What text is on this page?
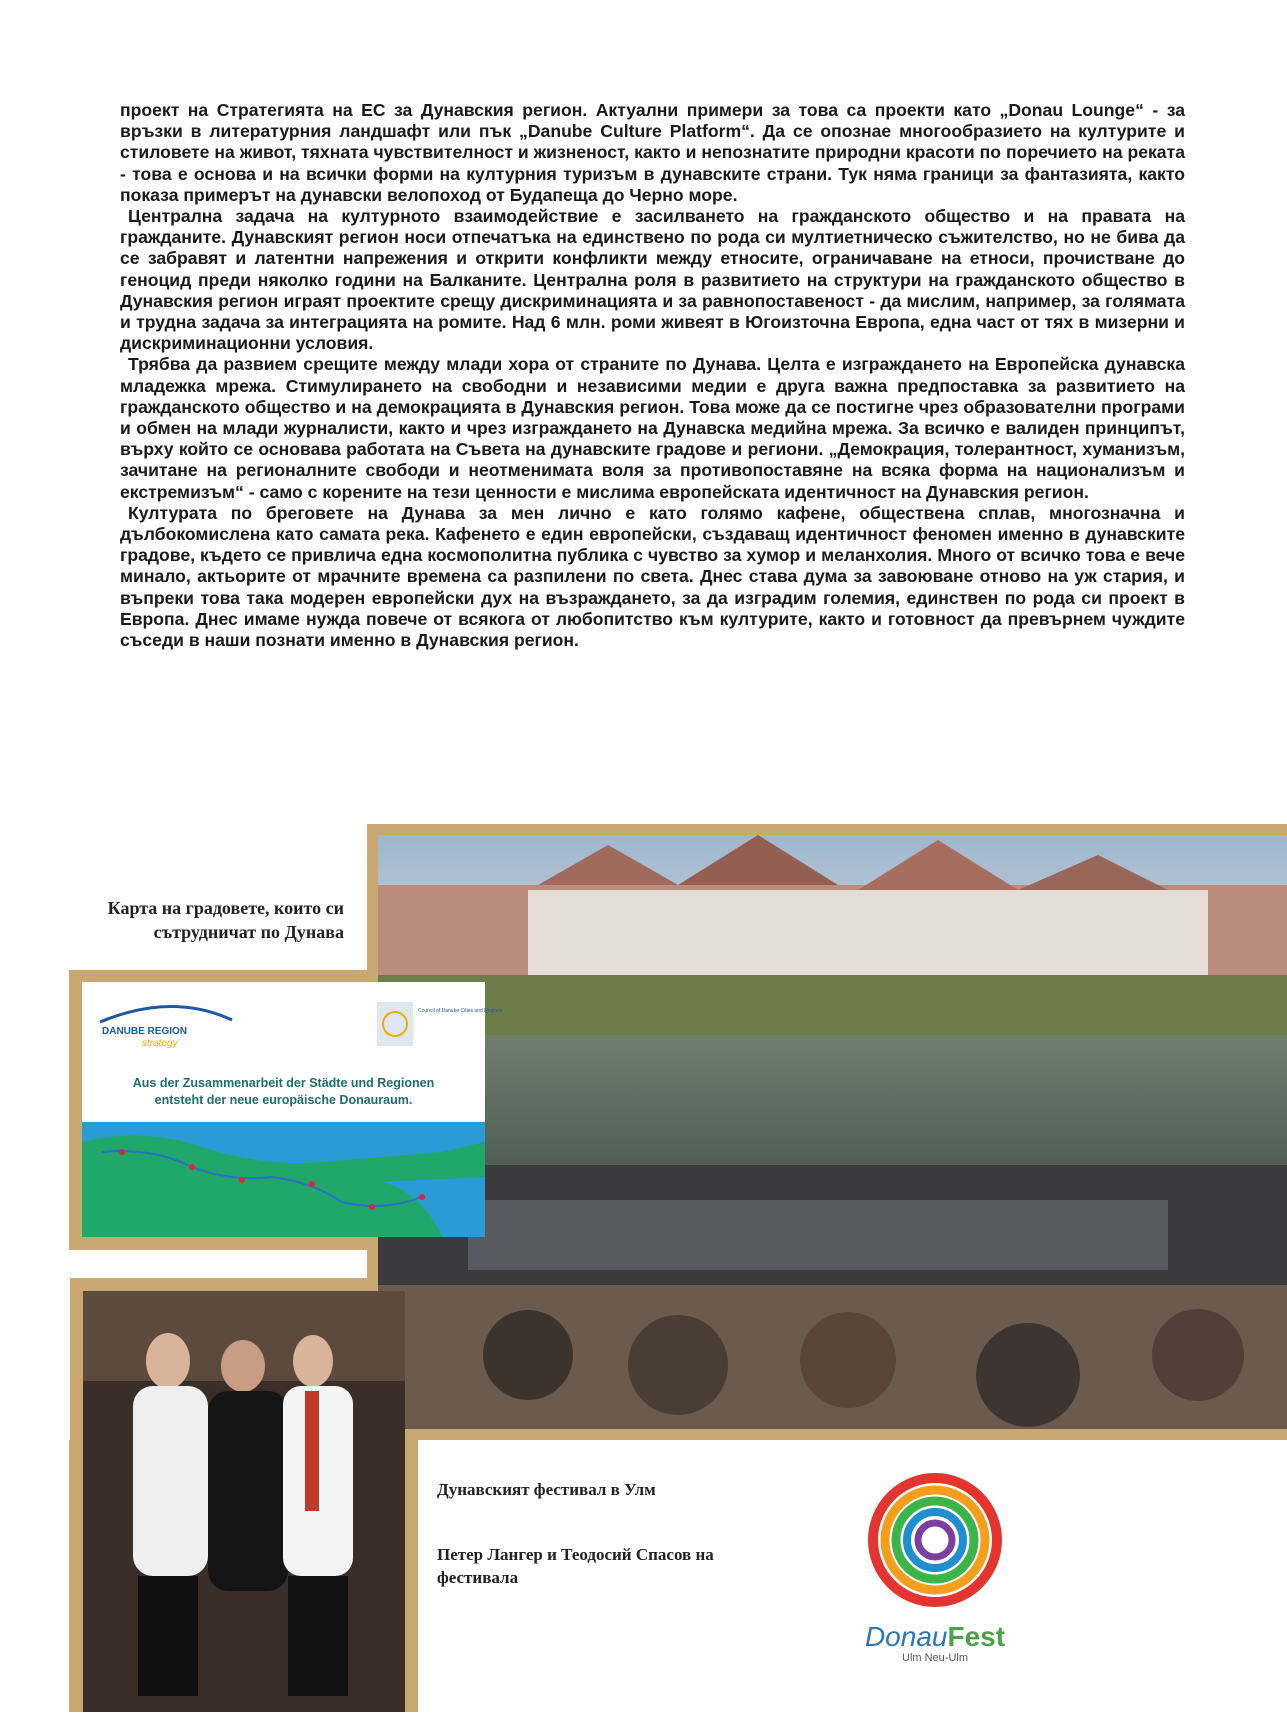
проект на Стратегията на ЕС за Дунавския регион. Актуални примери за това са проекти като „Donau Lounge“ - за връзки в литературния ландшафт или пък „Danube Culture Platform“. Да се опознае многообразието на културите и стиловете на живот, тяхната чувствителност и жизненост, както и непознатите природни красоти по поречието на реката - това е основа и на всички форми на културния туризъм в дунавските страни. Тук няма граници за фантазията, както показа примерът на дунавски велопоход от Будапеща до Черно море.

Централна задача на културното взаимодействие е засилването на гражданското общество и на правата на гражданите. Дунавският регион носи отпечатъка на единствено по рода си мултиетническо съжителство, но не бива да се забравят и латентни напрежения и открити конфликти между етносите, ограничаване на етноси, прочистване до геноцид преди няколко години на Балканите. Централна роля в развитието на структури на гражданското общество в Дунавския регион играят проектите срещу дискриминацията и за равнопоставеност - да мислим, например, за голямата и трудна задача за интеграцията на ромите. Над 6 млн. роми живеят в Югоизточна Европа, една част от тях в мизерни и дискриминационни условия.

Трябва да развием срещите между млади хора от страните по Дунава. Целта е изграждането на Европейска дунавска младежка мрежа. Стимулирането на свободни и независими медии е друга важна предпоставка за развитието на гражданското общество и на демокрацията в Дунавския регион. Това може да се постигне чрез образователни програми и обмен на млади журналисти, както и чрез изграждането на Дунавска медийна мрежа. За всичко е валиден принципът, върху който се основава работата на Съвета на дунавските градове и региони. „Демокрация, толерантност, хуманизъм, зачитане на регионалните свободи и неотменимата воля за противопоставяне на всяка форма на национализъм и екстремизъм“ - само с корените на тези ценности е мислима европейската идентичност на Дунавския регион.

Културата по бреговете на Дунава за мен лично е като голямо кафене, обществена сплав, многозначна и дълбокомислена като самата река. Кафенето е един европейски, създаващ идентичност феномен именно в дунавските градове, където се привлича една космополитна публика с чувство за хумор и меланхолия. Много от всичко това е вече минало, актьорите от мрачните времена са разпилени по света. Днес става дума за завоюване отново на уж стария, и въпреки това така модерен европейски дух на възраждането, за да изградим големия, единствен по рода си проект в Европа. Днес имаме нужда повече от всякога от любопитство към културите, както и готовност да превърнем чуждите съседи в наши познати именно в Дунавския регион.

Карта на градовете, които си сътрудничат по Дунава
DANUBE REGION
strategy
Council of Danube Cities and Regions
Aus der Zusammenarbeit der Städte und Regionen
entsteht der neue europäische Donauraum.
Дунавският фестивал в Улм
Петер Лангер и Теодосий Спасов на фестивала
DonauFest
Ulm Neu-Ulm
